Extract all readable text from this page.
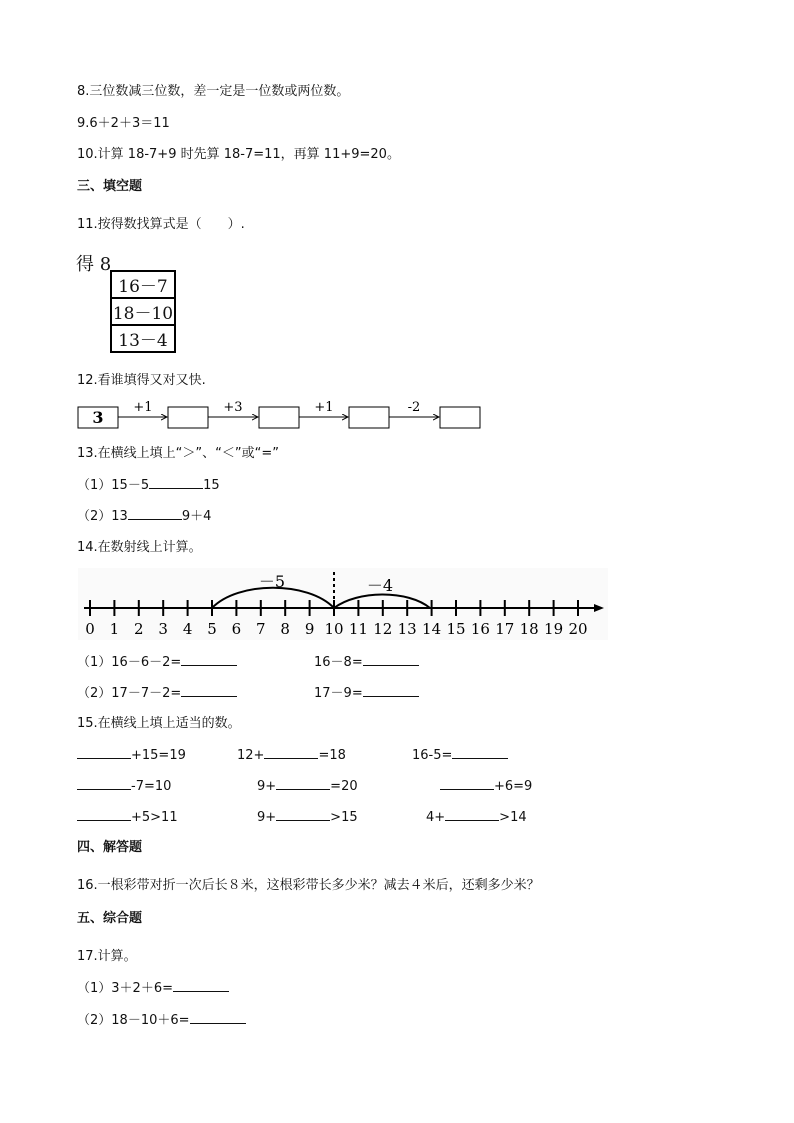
8.三位数减三位数，差一定是一位数或两位数。
9.6＋2＋3＝11
10.计算 18-7+9 时先算 18-7=11，再算 11+9=20。
三、填空题
11.按得数找算式是（　　）.
得 8
16－7
18－10
13－4
12.看谁填得又对又快.
3
+1	+3	+1	-2
13.在横线上填上“＞”、“＜”或“=”
（1）15－5	15
（2）13	9＋4
14.在数射线上计算。
－5	－4
0 1 2 3 4 5 6 7 8 9 10 11 12 13 14 15 16 17 18 19 20
（1）16－6－2=	16－8=
（2）17－7－2=	17－9=
15.在横线上填上适当的数。
+15=19	12+	=18	16-5=
-7=10	9+	=20	+6=9
+5>11	9+	>15	4+	>14
四、解答题
16.一根彩带对折一次后长８米，这根彩带长多少米？减去４米后，还剩多少米？
五、综合题
17.计算。
（1）3＋2＋6=
（2）18－10＋6=
